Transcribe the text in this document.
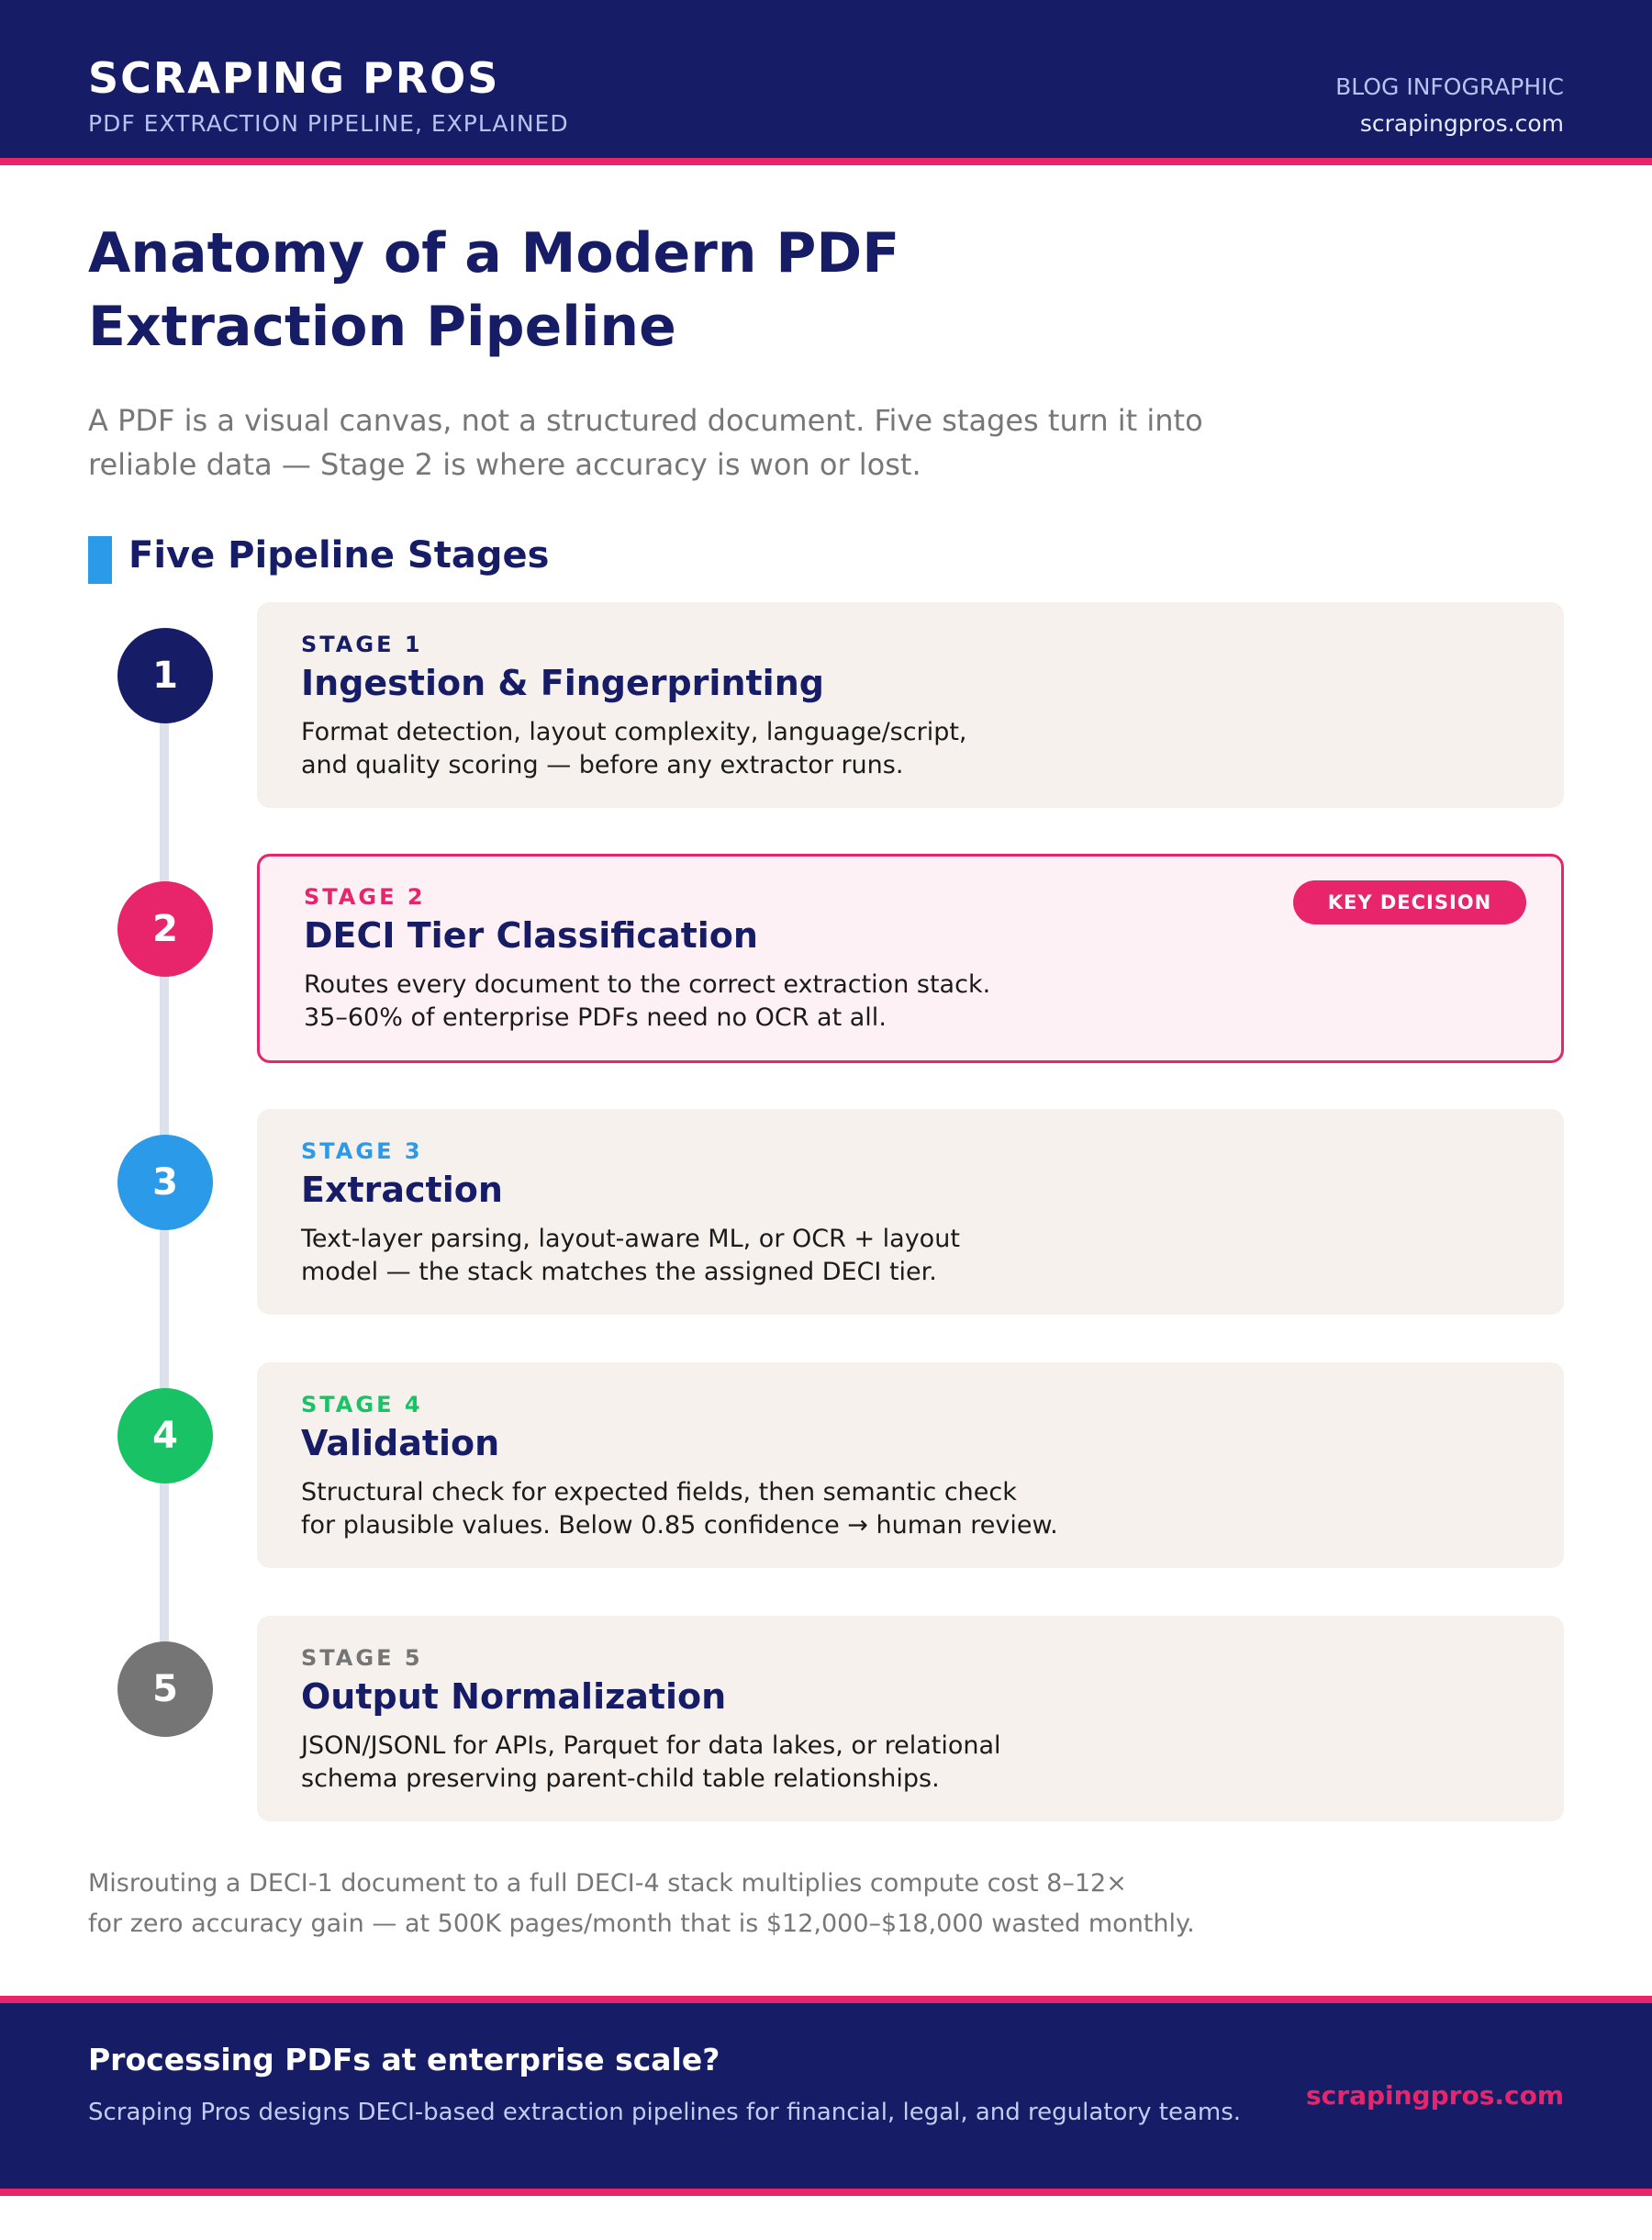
SCRAPING PROS
PDF EXTRACTION PIPELINE, EXPLAINED
BLOG INFOGRAPHIC
scrapingpros.com
Anatomy of a Modern PDF
Extraction Pipeline
A PDF is a visual canvas, not a structured document. Five stages turn it into
reliable data — Stage 2 is where accuracy is won or lost.
Five Pipeline Stages
1
STAGE 1
Ingestion & Fingerprinting
Format detection, layout complexity, language/script,
and quality scoring — before any extractor runs.
2
STAGE 2
DECI Tier Classification
Routes every document to the correct extraction stack.
35–60% of enterprise PDFs need no OCR at all.
KEY DECISION
3
STAGE 3
Extraction
Text-layer parsing, layout-aware ML, or OCR + layout
model — the stack matches the assigned DECI tier.
4
STAGE 4
Validation
Structural check for expected fields, then semantic check
for plausible values. Below 0.85 confidence → human review.
5
STAGE 5
Output Normalization
JSON/JSONL for APIs, Parquet for data lakes, or relational
schema preserving parent-child table relationships.
Misrouting a DECI-1 document to a full DECI-4 stack multiplies compute cost 8–12×
for zero accuracy gain — at 500K pages/month that is $12,000–$18,000 wasted monthly.
Processing PDFs at enterprise scale?
Scraping Pros designs DECI-based extraction pipelines for financial, legal, and regulatory teams.
scrapingpros.com
